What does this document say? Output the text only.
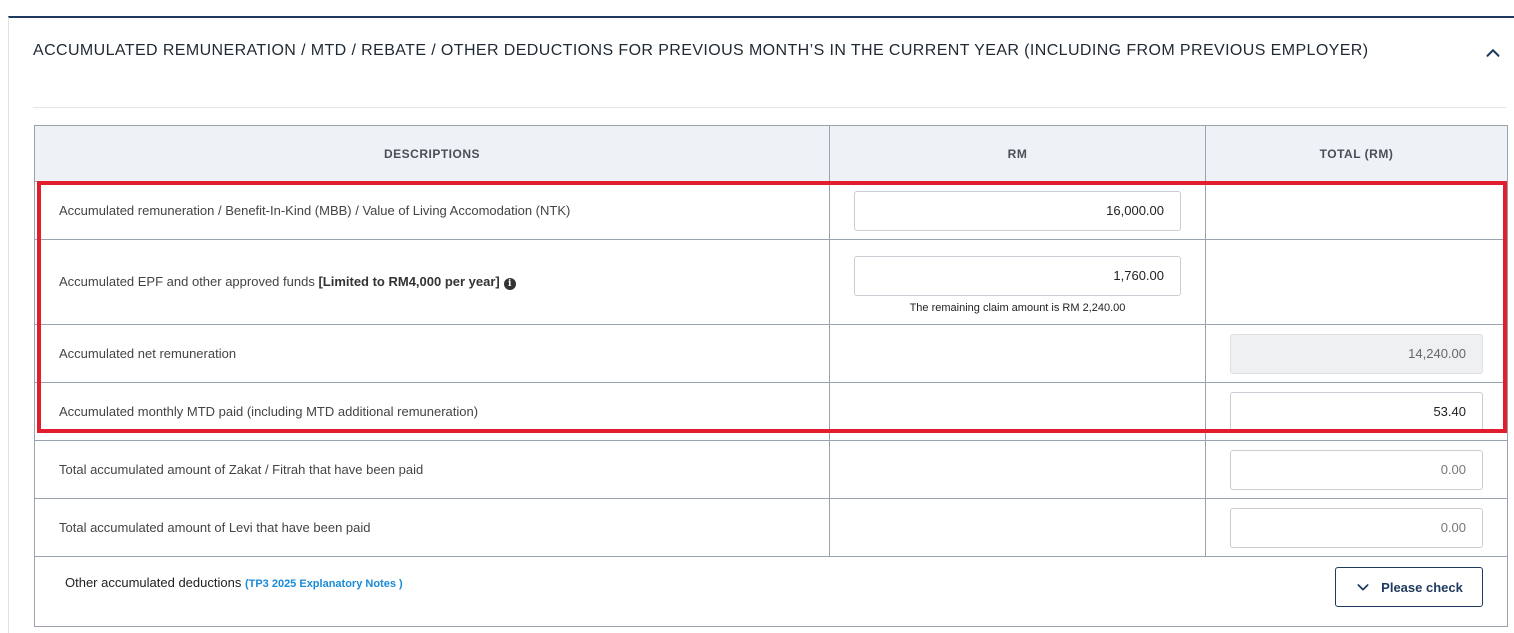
ACCUMULATED REMUNERATION / MTD / REBATE / OTHER DEDUCTIONS FOR PREVIOUS MONTH’S IN THE CURRENT YEAR (INCLUDING FROM PREVIOUS EMPLOYER)
DESCRIPTIONS	RM	TOTAL (RM)
Accumulated remuneration / Benefit-In-Kind (MBB) / Value of Living Accomodation (NTK)	16,000.00	

Accumulated EPF and other approved funds [Limited to RM4,000 per year] i	1,760.00
The remaining claim amount is RM 2,240.00	

Accumulated net remuneration		14,240.00

Accumulated monthly MTD paid (including MTD additional remuneration)		53.40

Total accumulated amount of Zakat / Fitrah that have been paid		0.00

Total accumulated amount of Levi that have been paid		0.00

Other accumulated deductions (TP3 2025 Explanatory Notes ) Please check		
